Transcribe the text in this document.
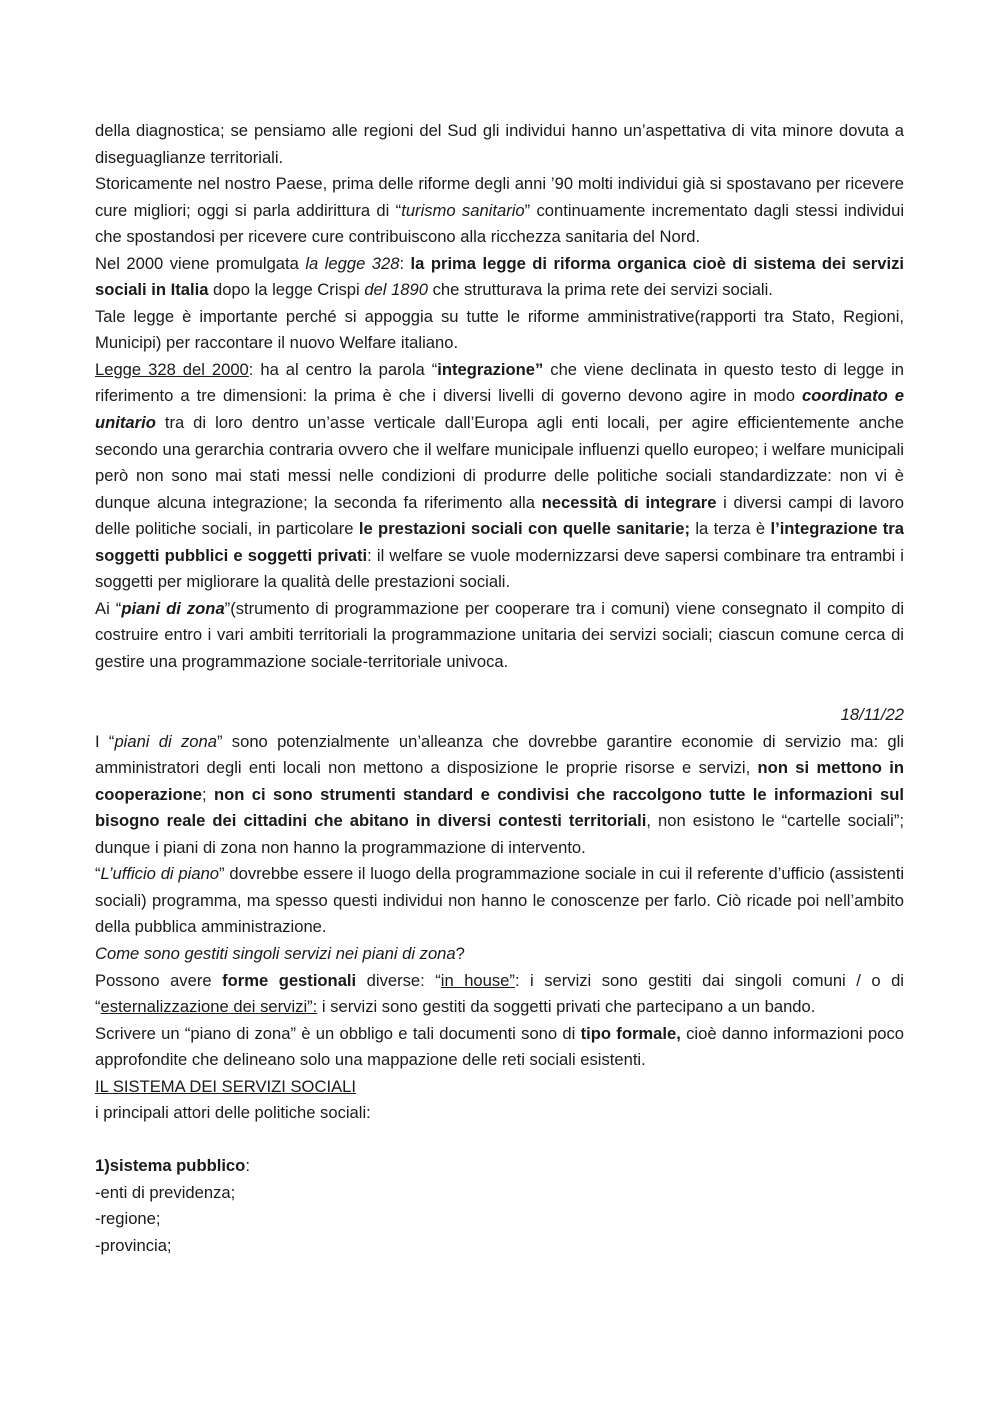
della diagnostica; se pensiamo alle regioni del Sud gli individui hanno un’aspettativa di vita minore dovuta a diseguaglianze territoriali.

Storicamente nel nostro Paese, prima delle riforme degli anni ’90 molti individui già si spostavano per ricevere cure migliori; oggi si parla addirittura di “turismo sanitario” continuamente incrementato dagli stessi individui che spostandosi per ricevere cure contribuiscono alla ricchezza sanitaria del Nord.

Nel 2000 viene promulgata la legge 328: la prima legge di riforma organica cioè di sistema dei servizi sociali in Italia dopo la legge Crispi del 1890 che strutturava la prima rete dei servizi sociali.

Tale legge è importante perché si appoggia su tutte le riforme amministrative(rapporti tra Stato, Regioni, Municipi) per raccontare il nuovo Welfare italiano.

Legge 328 del 2000: ha al centro la parola “integrazione” che viene declinata in questo testo di legge in riferimento a tre dimensioni: la prima è che i diversi livelli di governo devono agire in modo coordinato e unitario tra di loro dentro un’asse verticale dall’Europa agli enti locali, per agire efficientemente anche secondo una gerarchia contraria ovvero che il welfare municipale influenzi quello europeo; i welfare municipali però non sono mai stati messi nelle condizioni di produrre delle politiche sociali standardizzate: non vi è dunque alcuna integrazione; la seconda fa riferimento alla necessità di integrare i diversi campi di lavoro delle politiche sociali, in particolare le prestazioni sociali con quelle sanitarie; la terza è l’integrazione tra soggetti pubblici e soggetti privati: il welfare se vuole modernizzarsi deve sapersi combinare tra entrambi i soggetti per migliorare la qualità delle prestazioni sociali.

Ai “piani di zona”(strumento di programmazione per cooperare tra i comuni) viene consegnato il compito di costruire entro i vari ambiti territoriali la programmazione unitaria dei servizi sociali; ciascun comune cerca di gestire una programmazione sociale-territoriale univoca.

18/11/22

I “piani di zona” sono potenzialmente un’alleanza che dovrebbe garantire economie di servizio ma: gli amministratori degli enti locali non mettono a disposizione le proprie risorse e servizi, non si mettono in cooperazione; non ci sono strumenti standard e condivisi che raccolgono tutte le informazioni sul bisogno reale dei cittadini che abitano in diversi contesti territoriali, non esistono le “cartelle sociali”; dunque i piani di zona non hanno la programmazione di intervento.

“L’ufficio di piano” dovrebbe essere il luogo della programmazione sociale in cui il referente d’ufficio (assistenti sociali) programma, ma spesso questi individui non hanno le conoscenze per farlo. Ciò ricade poi nell’ambito della pubblica amministrazione.

Come sono gestiti singoli servizi nei piani di zona?

Possono avere forme gestionali diverse: “in house”: i servizi sono gestiti dai singoli comuni / o di “esternalizzazione dei servizi”: i servizi sono gestiti da soggetti privati che partecipano a un bando.

Scrivere un “piano di zona” è un obbligo e tali documenti sono di tipo formale, cioè danno informazioni poco approfondite che delineano solo una mappazione delle reti sociali esistenti.

IL SISTEMA DEI SERVIZI SOCIALI

i principali attori delle politiche sociali:

1)sistema pubblico:

-enti di previdenza;

-regione;

-provincia;
